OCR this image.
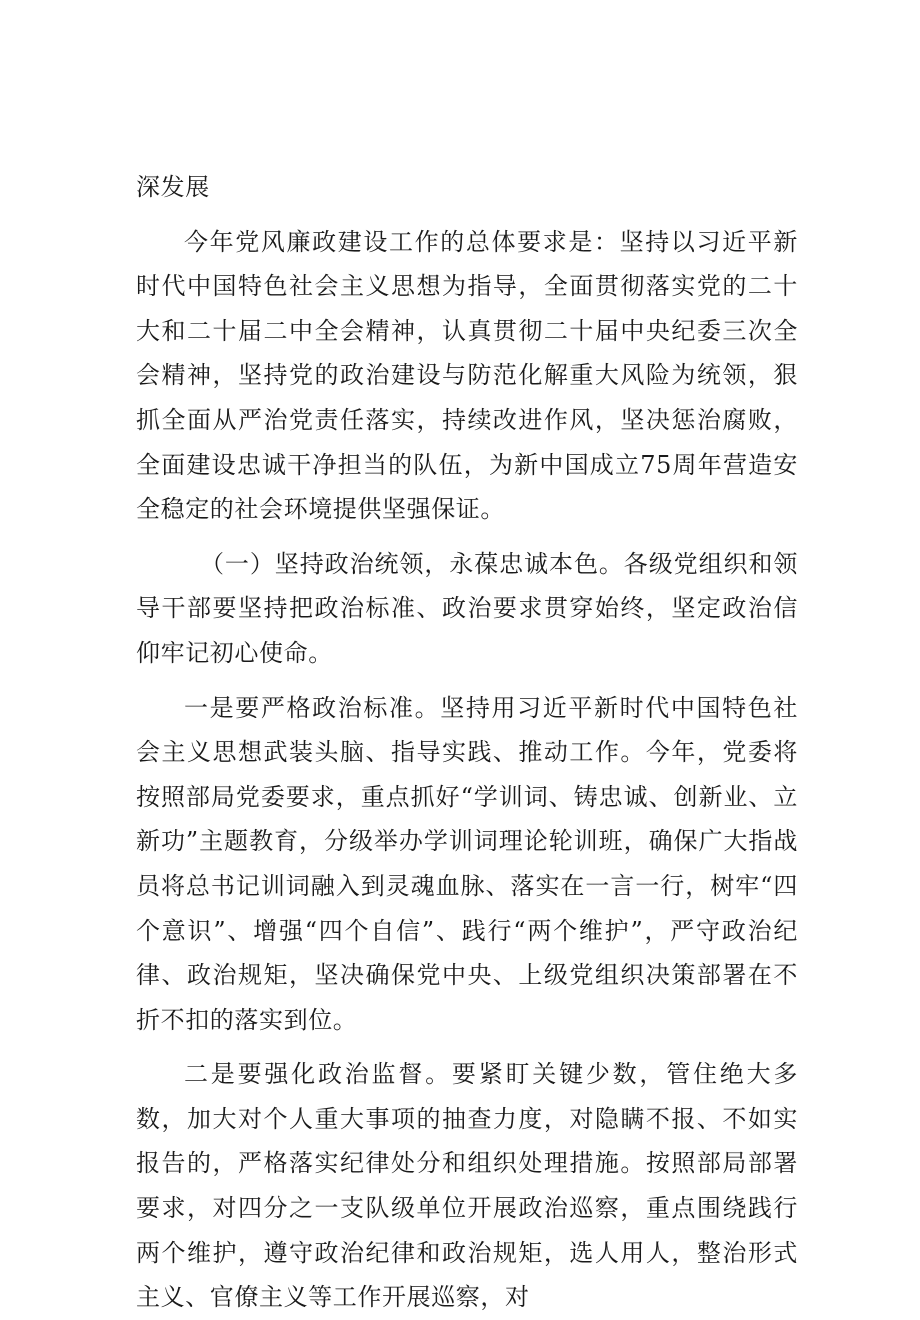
深发展

今年党风廉政建设工作的总体要求是：坚持以习近平新时代中国特色社会主义思想为指导，全面贯彻落实党的二十大和二十届二中全会精神，认真贯彻二十届中央纪委三次全会精神，坚持党的政治建设与防范化解重大风险为统领，狠抓全面从严治党责任落实，持续改进作风，坚决惩治腐败，全面建设忠诚干净担当的队伍，为新中国成立75周年营造安全稳定的社会环境提供坚强保证。

（一）坚持政治统领，永葆忠诚本色。各级党组织和领导干部要坚持把政治标准、政治要求贯穿始终，坚定政治信仰牢记初心使命。

一是要严格政治标准。坚持用习近平新时代中国特色社会主义思想武装头脑、指导实践、推动工作。今年，党委将按照部局党委要求，重点抓好“学训词、铸忠诚、创新业、立新功”主题教育，分级举办学训词理论轮训班，确保广大指战员将总书记训词融入到灵魂血脉、落实在一言一行，树牢“四个意识”、增强“四个自信”、践行“两个维护”，严守政治纪律、政治规矩，坚决确保党中央、上级党组织决策部署在不折不扣的落实到位。

二是要强化政治监督。要紧盯关键少数，管住绝大多数，加大对个人重大事项的抽查力度，对隐瞒不报、不如实报告的，严格落实纪律处分和组织处理措施。按照部局部署要求，对四分之一支队级单位开展政治巡察，重点围绕践行两个维护，遵守政治纪律和政治规矩，选人用人，整治形式主义、官僚主义等工作开展巡察，对
